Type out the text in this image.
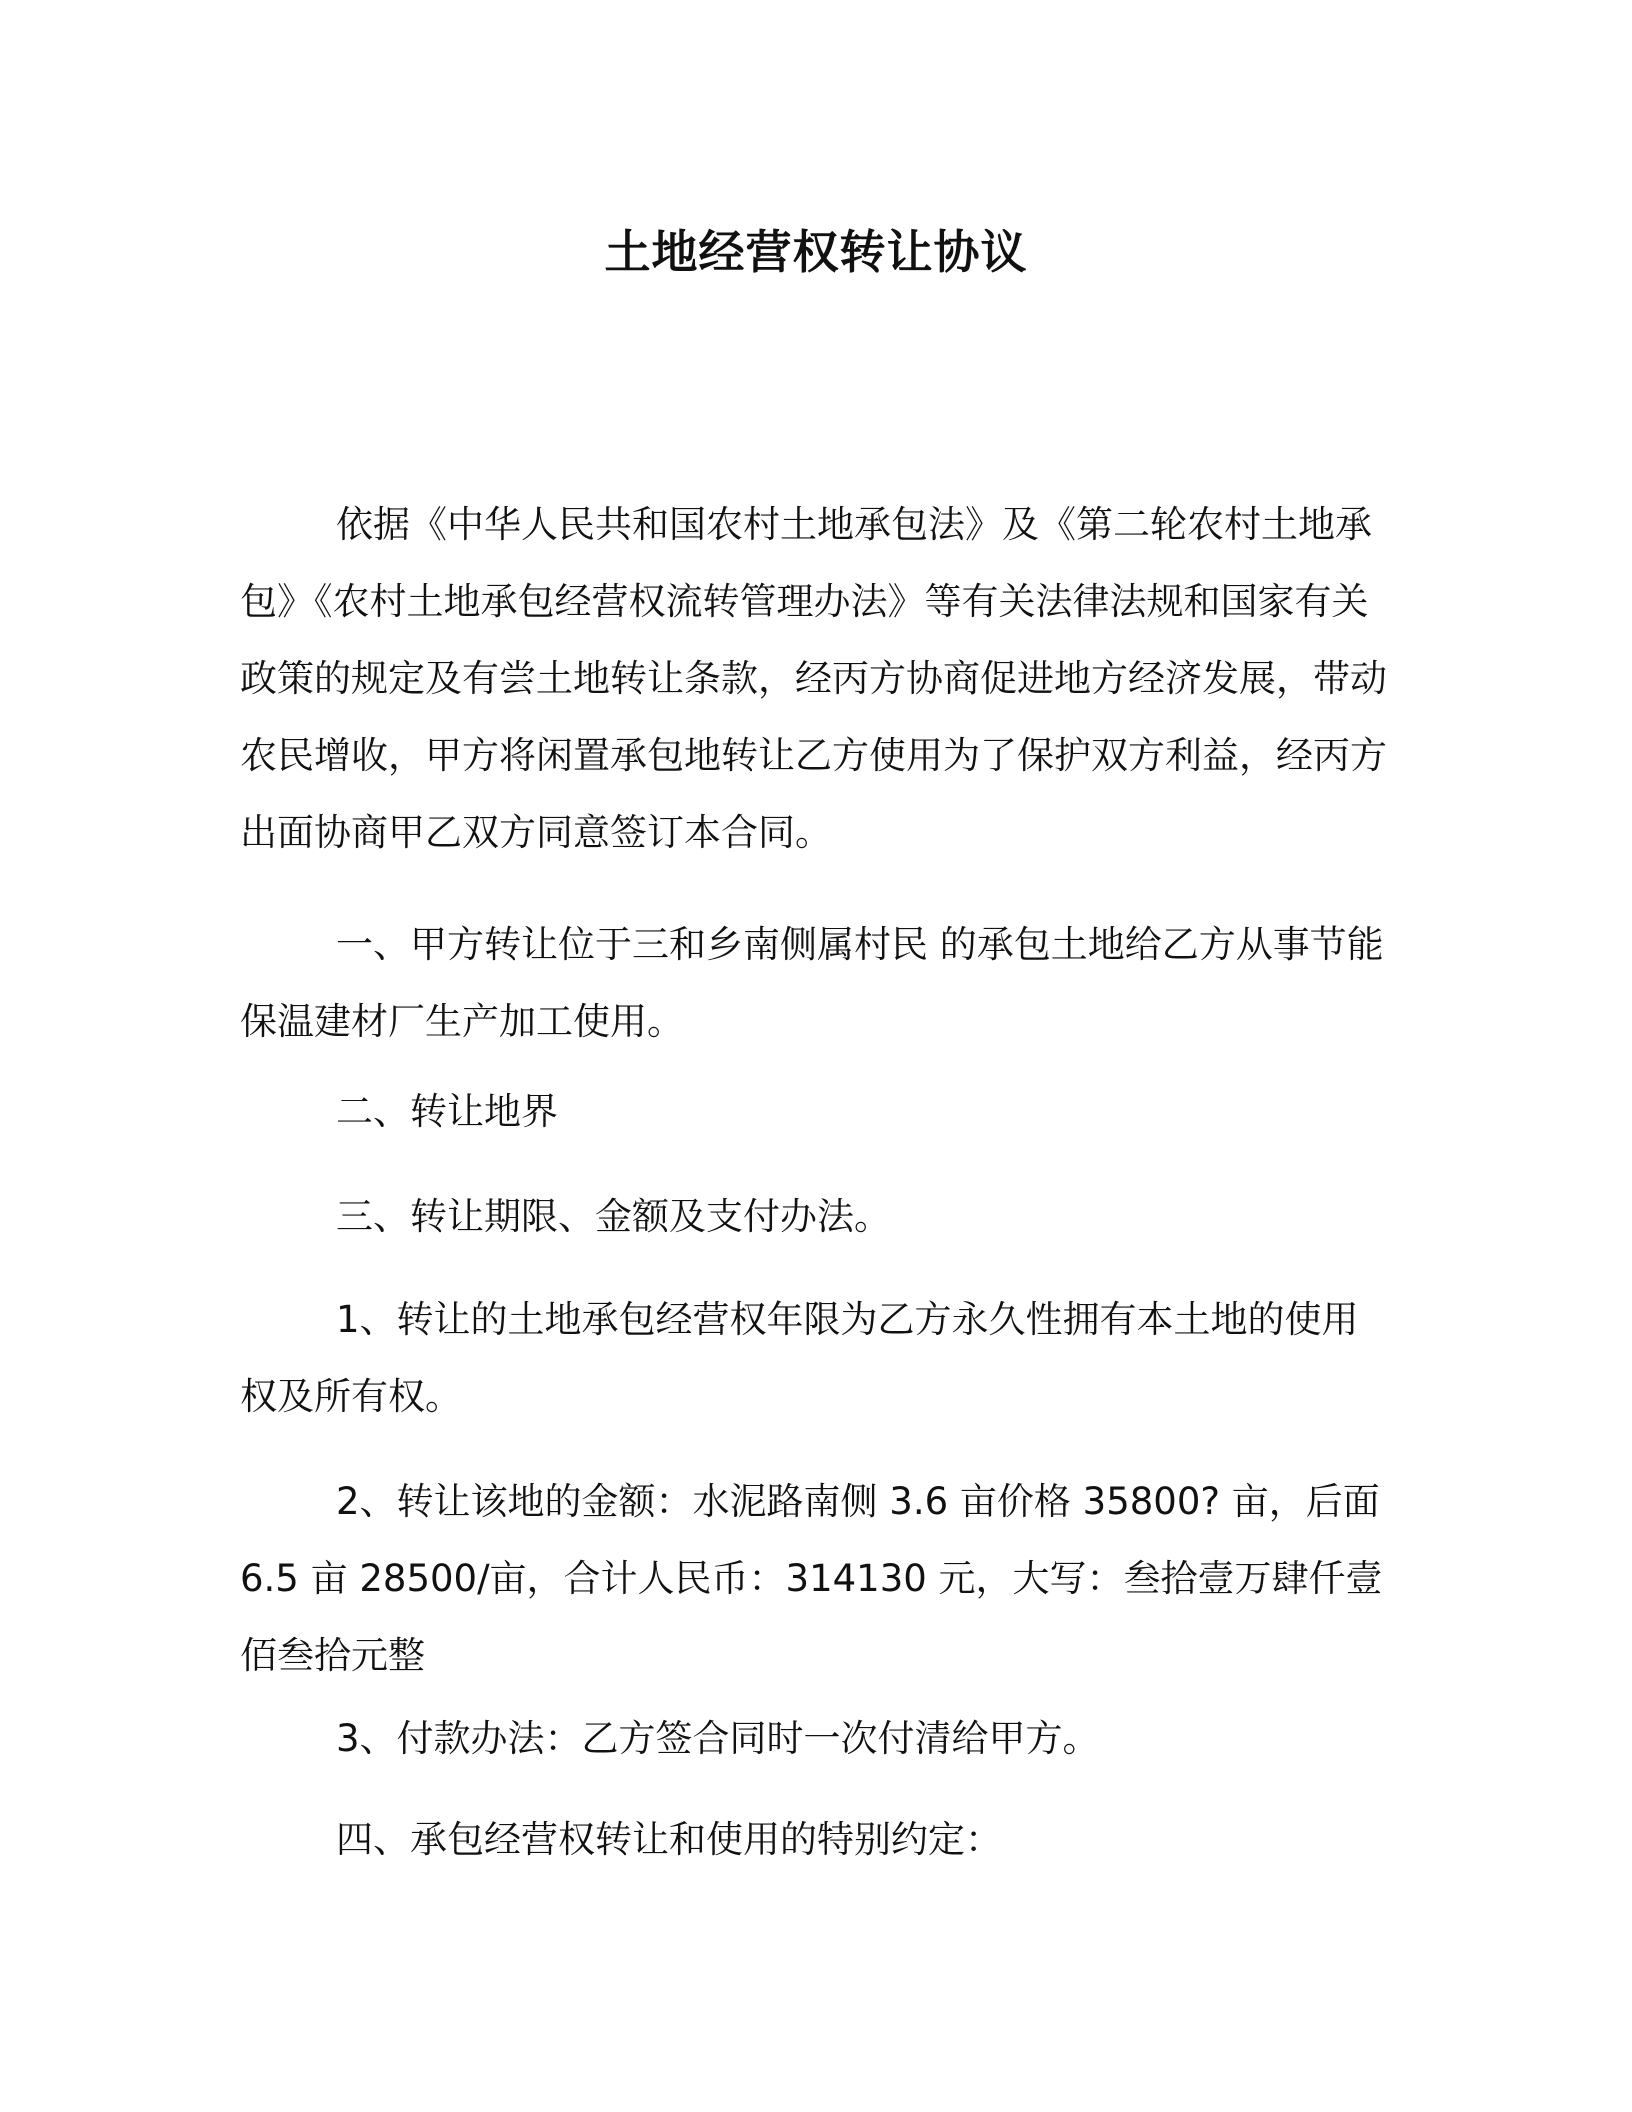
土地经营权转让协议

依据《中华人民共和国农村土地承包法》及《第二轮农村土地承包》《农村土地承包经营权流转管理办法》等有关法律法规和国家有关政策的规定及有尝土地转让条款，经丙方协商促进地方经济发展，带动农民增收，甲方将闲置承包地转让乙方使用为了保护双方利益，经丙方出面协商甲乙双方同意签订本合同。

一、甲方转让位于三和乡南侧属村民 的承包土地给乙方从事节能保温建材厂生产加工使用。

二、转让地界

三、转让期限、金额及支付办法。

1、转让的土地承包经营权年限为乙方永久性拥有本土地的使用权及所有权。

2、转让该地的金额：水泥路南侧 3.6 亩价格 35800? 亩，后面 6.5 亩 28500/亩，合计人民币：314130 元，大写：叁拾壹万肆仟壹佰叁拾元整

3、付款办法：乙方签合同时一次付清给甲方。

四、承包经营权转让和使用的特别约定：
